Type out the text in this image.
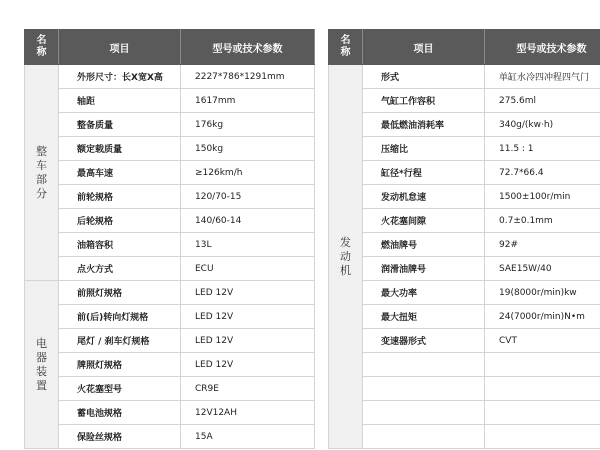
名
称	项目	型号或技术参数

整
车
部
分	外形尺寸：长X宽X高	2227*786*1291mm
	轴距	1617mm
	整备质量	176kg
	额定载质量	150kg
	最高车速	≥126km/h
	前轮规格	120/70-15
	后轮规格	140/60-14
	油箱容积	13L
	点火方式	ECU

电
器
装
置	前照灯规格	LED 12V
	前(后)转向灯规格	LED 12V
	尾灯 / 刹车灯规格	LED 12V
	牌照灯规格	LED 12V
	火花塞型号	CR9E
	蓄电池规格	12V12AH
	保险丝规格	15A
名
称	项目	型号或技术参数

发
动
机	形式	单缸水冷四冲程四气门
	气缸工作容积	275.6ml
	最低燃油消耗率	340g/(kw·h)
	压缩比	11.5 : 1
	缸径*行程	72.7*66.4
	发动机怠速	1500±100r/min
	火花塞间隙	0.7±0.1mm
	燃油牌号	92#
	润滑油牌号	SAE15W/40
	最大功率	19(8000r/min)kw
	最大扭矩	24(7000r/min)N•m
	变速器形式	CVT
